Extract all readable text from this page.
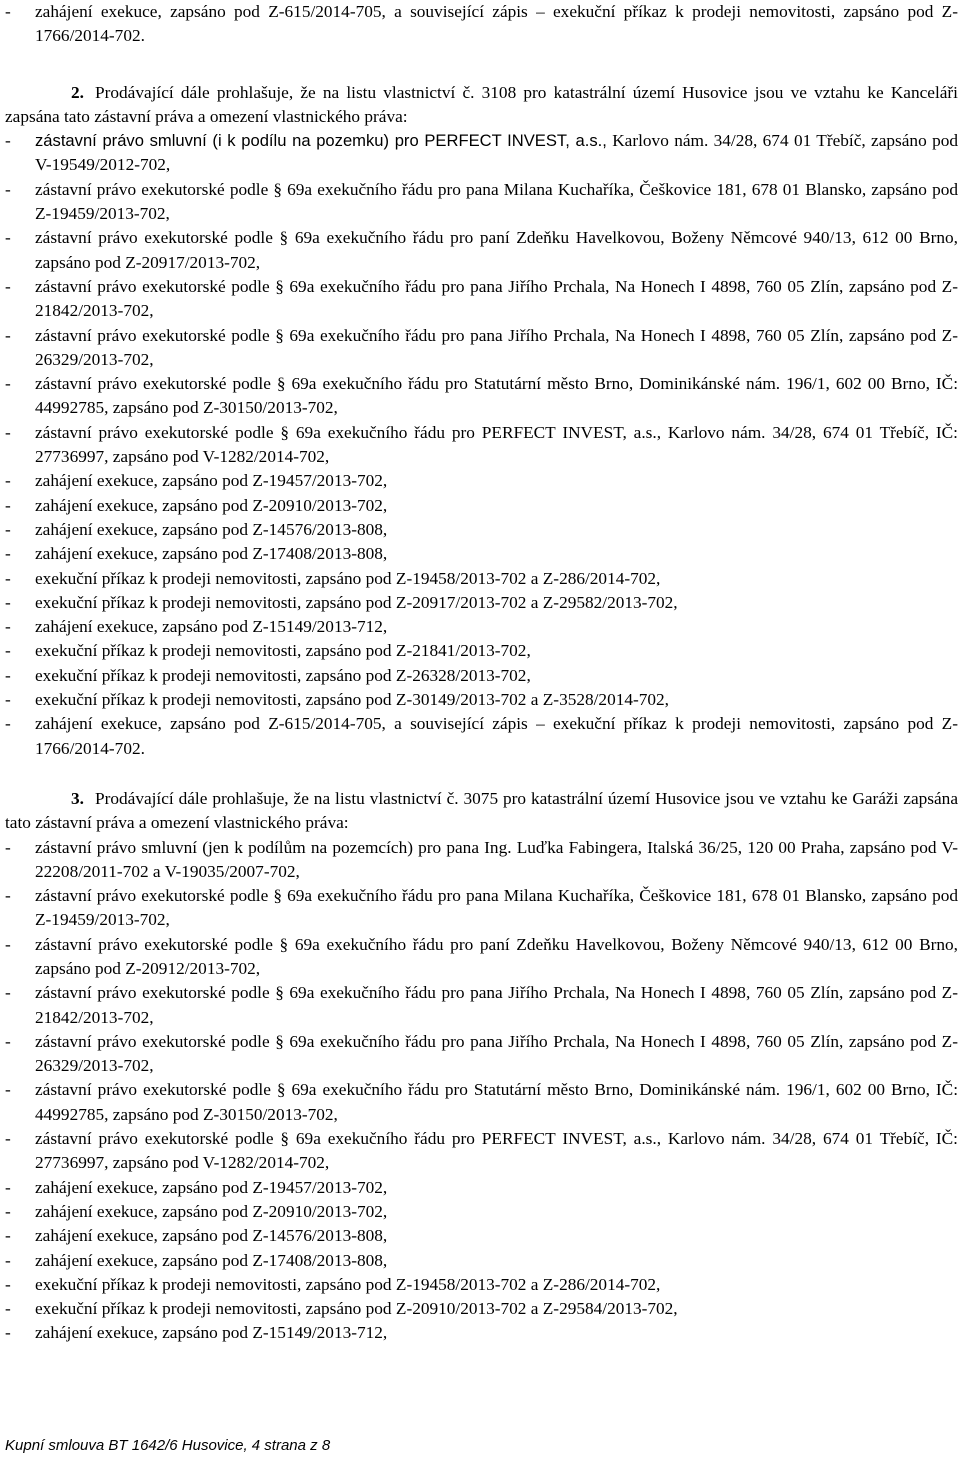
- zahájení exekuce, zapsáno pod Z-615/2014-705, a související zápis – exekuční příkaz k prodeji nemovitosti, zapsáno pod Z-1766/2014-702.

2. Prodávající dále prohlašuje, že na listu vlastnictví č. 3108 pro katastrální území Husovice jsou ve vztahu ke Kanceláři zapsána tato zástavní práva a omezení vlastnického práva:

- zástavní právo smluvní (i k podílu na pozemku) pro PERFECT INVEST, a.s., Karlovo nám. 34/28, 674 01 Třebíč, zapsáno pod V-19549/2012-702,
- zástavní právo exekutorské podle § 69a exekučního řádu pro pana Milana Kuchaříka, Češkovice 181, 678 01 Blansko, zapsáno pod Z-19459/2013-702,
- zástavní právo exekutorské podle § 69a exekučního řádu pro paní Zdeňku Havelkovou, Boženy Němcové 940/13, 612 00 Brno, zapsáno pod Z-20917/2013-702,
- zástavní právo exekutorské podle § 69a exekučního řádu pro pana Jiřího Prchala, Na Honech I 4898, 760 05 Zlín, zapsáno pod Z-21842/2013-702,
- zástavní právo exekutorské podle § 69a exekučního řádu pro pana Jiřího Prchala, Na Honech I 4898, 760 05 Zlín, zapsáno pod Z-26329/2013-702,
- zástavní právo exekutorské podle § 69a exekučního řádu pro Statutární město Brno, Dominikánské nám. 196/1, 602 00 Brno, IČ: 44992785, zapsáno pod Z-30150/2013-702,
- zástavní právo exekutorské podle § 69a exekučního řádu pro PERFECT INVEST, a.s., Karlovo nám. 34/28, 674 01 Třebíč, IČ: 27736997, zapsáno pod V-1282/2014-702,
- zahájení exekuce, zapsáno pod Z-19457/2013-702,
- zahájení exekuce, zapsáno pod Z-20910/2013-702,
- zahájení exekuce, zapsáno pod Z-14576/2013-808,
- zahájení exekuce, zapsáno pod Z-17408/2013-808,
- exekuční příkaz k prodeji nemovitosti, zapsáno pod Z-19458/2013-702 a Z-286/2014-702,
- exekuční příkaz k prodeji nemovitosti, zapsáno pod Z-20917/2013-702 a Z-29582/2013-702,
- zahájení exekuce, zapsáno pod Z-15149/2013-712,
- exekuční příkaz k prodeji nemovitosti, zapsáno pod Z-21841/2013-702,
- exekuční příkaz k prodeji nemovitosti, zapsáno pod Z-26328/2013-702,
- exekuční příkaz k prodeji nemovitosti, zapsáno pod Z-30149/2013-702 a Z-3528/2014-702,
- zahájení exekuce, zapsáno pod Z-615/2014-705, a související zápis – exekuční příkaz k prodeji nemovitosti, zapsáno pod Z-1766/2014-702.

3. Prodávající dále prohlašuje, že na listu vlastnictví č. 3075 pro katastrální území Husovice jsou ve vztahu ke Garáži zapsána tato zástavní práva a omezení vlastnického práva:

- zástavní právo smluvní (jen k podílům na pozemcích) pro pana Ing. Luďka Fabingera, Italská 36/25, 120 00 Praha, zapsáno pod V-22208/2011-702 a V-19035/2007-702,
- zástavní právo exekutorské podle § 69a exekučního řádu pro pana Milana Kuchaříka, Češkovice 181, 678 01 Blansko, zapsáno pod Z-19459/2013-702,
- zástavní právo exekutorské podle § 69a exekučního řádu pro paní Zdeňku Havelkovou, Boženy Němcové 940/13, 612 00 Brno, zapsáno pod Z-20912/2013-702,
- zástavní právo exekutorské podle § 69a exekučního řádu pro pana Jiřího Prchala, Na Honech I 4898, 760 05 Zlín, zapsáno pod Z-21842/2013-702,
- zástavní právo exekutorské podle § 69a exekučního řádu pro pana Jiřího Prchala, Na Honech I 4898, 760 05 Zlín, zapsáno pod Z-26329/2013-702,
- zástavní právo exekutorské podle § 69a exekučního řádu pro Statutární město Brno, Dominikánské nám. 196/1, 602 00 Brno, IČ: 44992785, zapsáno pod Z-30150/2013-702,
- zástavní právo exekutorské podle § 69a exekučního řádu pro PERFECT INVEST, a.s., Karlovo nám. 34/28, 674 01 Třebíč, IČ: 27736997, zapsáno pod V-1282/2014-702,
- zahájení exekuce, zapsáno pod Z-19457/2013-702,
- zahájení exekuce, zapsáno pod Z-20910/2013-702,
- zahájení exekuce, zapsáno pod Z-14576/2013-808,
- zahájení exekuce, zapsáno pod Z-17408/2013-808,
- exekuční příkaz k prodeji nemovitosti, zapsáno pod Z-19458/2013-702 a Z-286/2014-702,
- exekuční příkaz k prodeji nemovitosti, zapsáno pod Z-20910/2013-702 a Z-29584/2013-702,
- zahájení exekuce, zapsáno pod Z-15149/2013-712,
Kupní smlouva BT 1642/6 Husovice, 4 strana z 8
